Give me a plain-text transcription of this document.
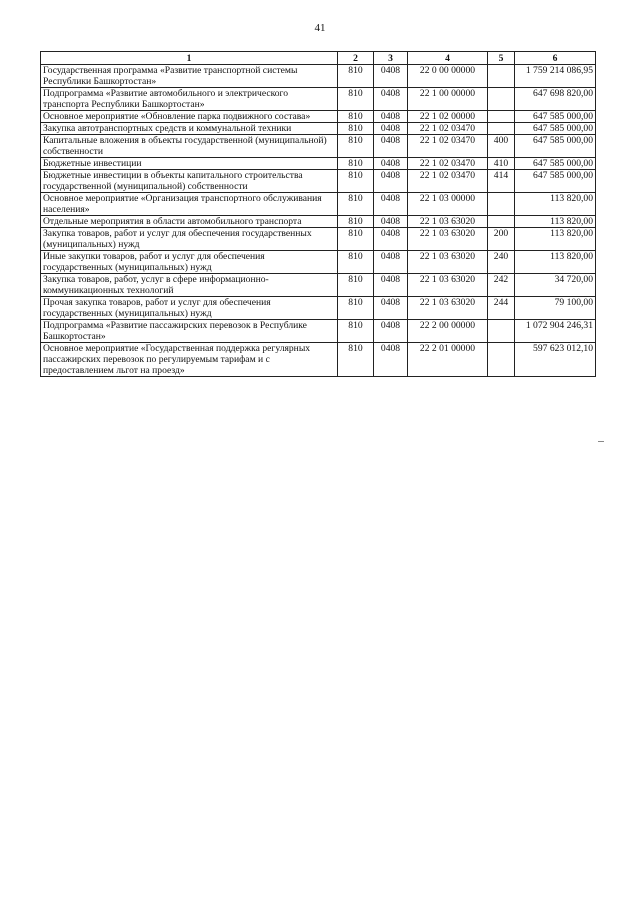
41
1	2	3	4	5	6
Государственная программа «Развитие транспортной системы Республики Башкортостан»	810	0408	22 0 00 00000		1 759 214 086,95
Подпрограмма «Развитие автомобильного и электрического транспорта Республики Башкортостан»	810	0408	22 1 00 00000		647 698 820,00
Основное мероприятие «Обновление парка подвижного состава»	810	0408	22 1 02 00000		647 585 000,00
Закупка автотранспортных средств и коммунальной техники	810	0408	22 1 02 03470		647 585 000,00
Капитальные вложения в объекты государственной (муниципальной) собственности	810	0408	22 1 02 03470	400	647 585 000,00
Бюджетные инвестиции	810	0408	22 1 02 03470	410	647 585 000,00
Бюджетные инвестиции в объекты капитального строительства государственной (муниципальной) собственности	810	0408	22 1 02 03470	414	647 585 000,00
Основное мероприятие «Организация транспортного обслуживания населения»	810	0408	22 1 03 00000		113 820,00
Отдельные мероприятия в области автомобильного транспорта	810	0408	22 1 03 63020		113 820,00
Закупка товаров, работ и услуг для обеспечения государственных (муниципальных) нужд	810	0408	22 1 03 63020	200	113 820,00
Иные закупки товаров, работ и услуг для обеспечения государственных (муниципальных) нужд	810	0408	22 1 03 63020	240	113 820,00
Закупка товаров, работ, услуг в сфере информационно-коммуникационных технологий	810	0408	22 1 03 63020	242	34 720,00
Прочая закупка товаров, работ и услуг для обеспечения государственных (муниципальных) нужд	810	0408	22 1 03 63020	244	79 100,00
Подпрограмма «Развитие пассажирских перевозок в Республике Башкортостан»	810	0408	22 2 00 00000		1 072 904 246,31
Основное мероприятие «Государственная поддержка регулярных пассажирских перевозок по регулируемым тарифам и с предоставлением льгот на проезд»	810	0408	22 2 01 00000		597 623 012,10
